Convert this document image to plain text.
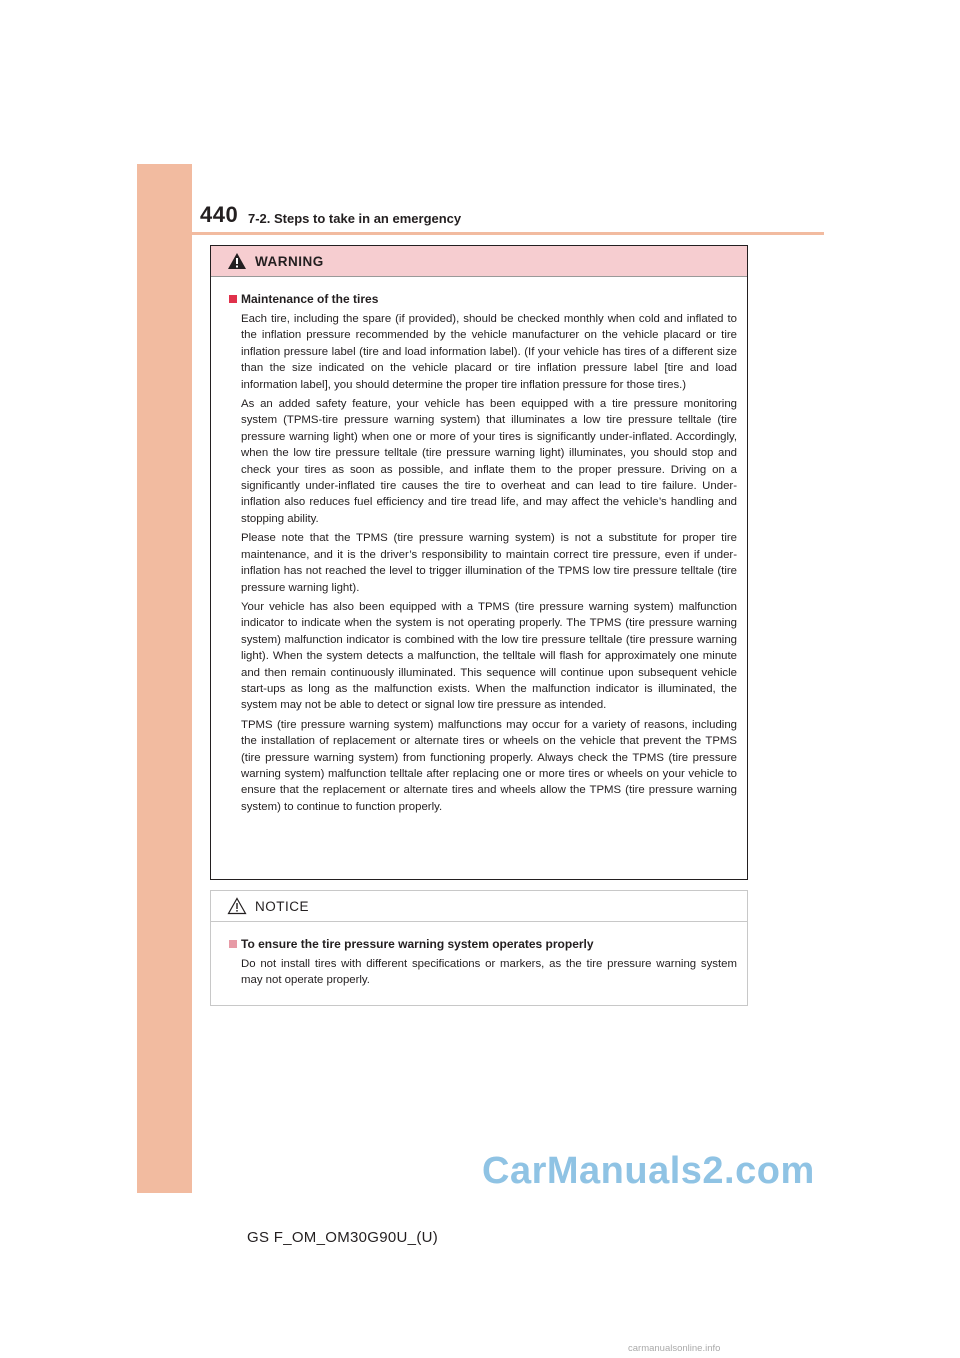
440 7-2. Steps to take in an emergency
WARNING
Maintenance of the tires

Each tire, including the spare (if provided), should be checked monthly when cold and inflated to the inflation pressure recommended by the vehicle manufacturer on the vehicle placard or tire inflation pressure label (tire and load information label). (If your vehicle has tires of a different size than the size indicated on the vehicle placard or tire inflation pressure label [tire and load information label], you should determine the proper tire inflation pressure for those tires.)

As an added safety feature, your vehicle has been equipped with a tire pressure monitoring system (TPMS-tire pressure warning system) that illuminates a low tire pressure telltale (tire pressure warning light) when one or more of your tires is significantly under-inflated. Accordingly, when the low tire pressure telltale (tire pressure warning light) illuminates, you should stop and check your tires as soon as possible, and inflate them to the proper pressure. Driving on a significantly under-inflated tire causes the tire to overheat and can lead to tire failure. Under-inflation also reduces fuel efficiency and tire tread life, and may affect the vehicle’s handling and stopping ability.

Please note that the TPMS (tire pressure warning system) is not a substitute for proper tire maintenance, and it is the driver’s responsibility to maintain correct tire pressure, even if under-inflation has not reached the level to trigger illumination of the TPMS low tire pressure telltale (tire pressure warning light).

Your vehicle has also been equipped with a TPMS (tire pressure warning system) malfunction indicator to indicate when the system is not operating properly. The TPMS (tire pressure warning system) malfunction indicator is combined with the low tire pressure telltale (tire pressure warning light). When the system detects a malfunction, the telltale will flash for approximately one minute and then remain continuously illuminated. This sequence will continue upon subsequent vehicle start-ups as long as the malfunction exists. When the malfunction indicator is illuminated, the system may not be able to detect or signal low tire pressure as intended.

TPMS (tire pressure warning system) malfunctions may occur for a variety of reasons, including the installation of replacement or alternate tires or wheels on the vehicle that prevent the TPMS (tire pressure warning system) from functioning properly. Always check the TPMS (tire pressure warning system) malfunction telltale after replacing one or more tires or wheels on your vehicle to ensure that the replacement or alternate tires and wheels allow the TPMS (tire pressure warning system) to continue to function properly.

NOTICE
To ensure the tire pressure warning system operates properly

Do not install tires with different specifications or markers, as the tire pressure warning system may not operate properly.

CarManuals2.com
GS F_OM_OM30G90U_(U)
carmanualsonline.info
